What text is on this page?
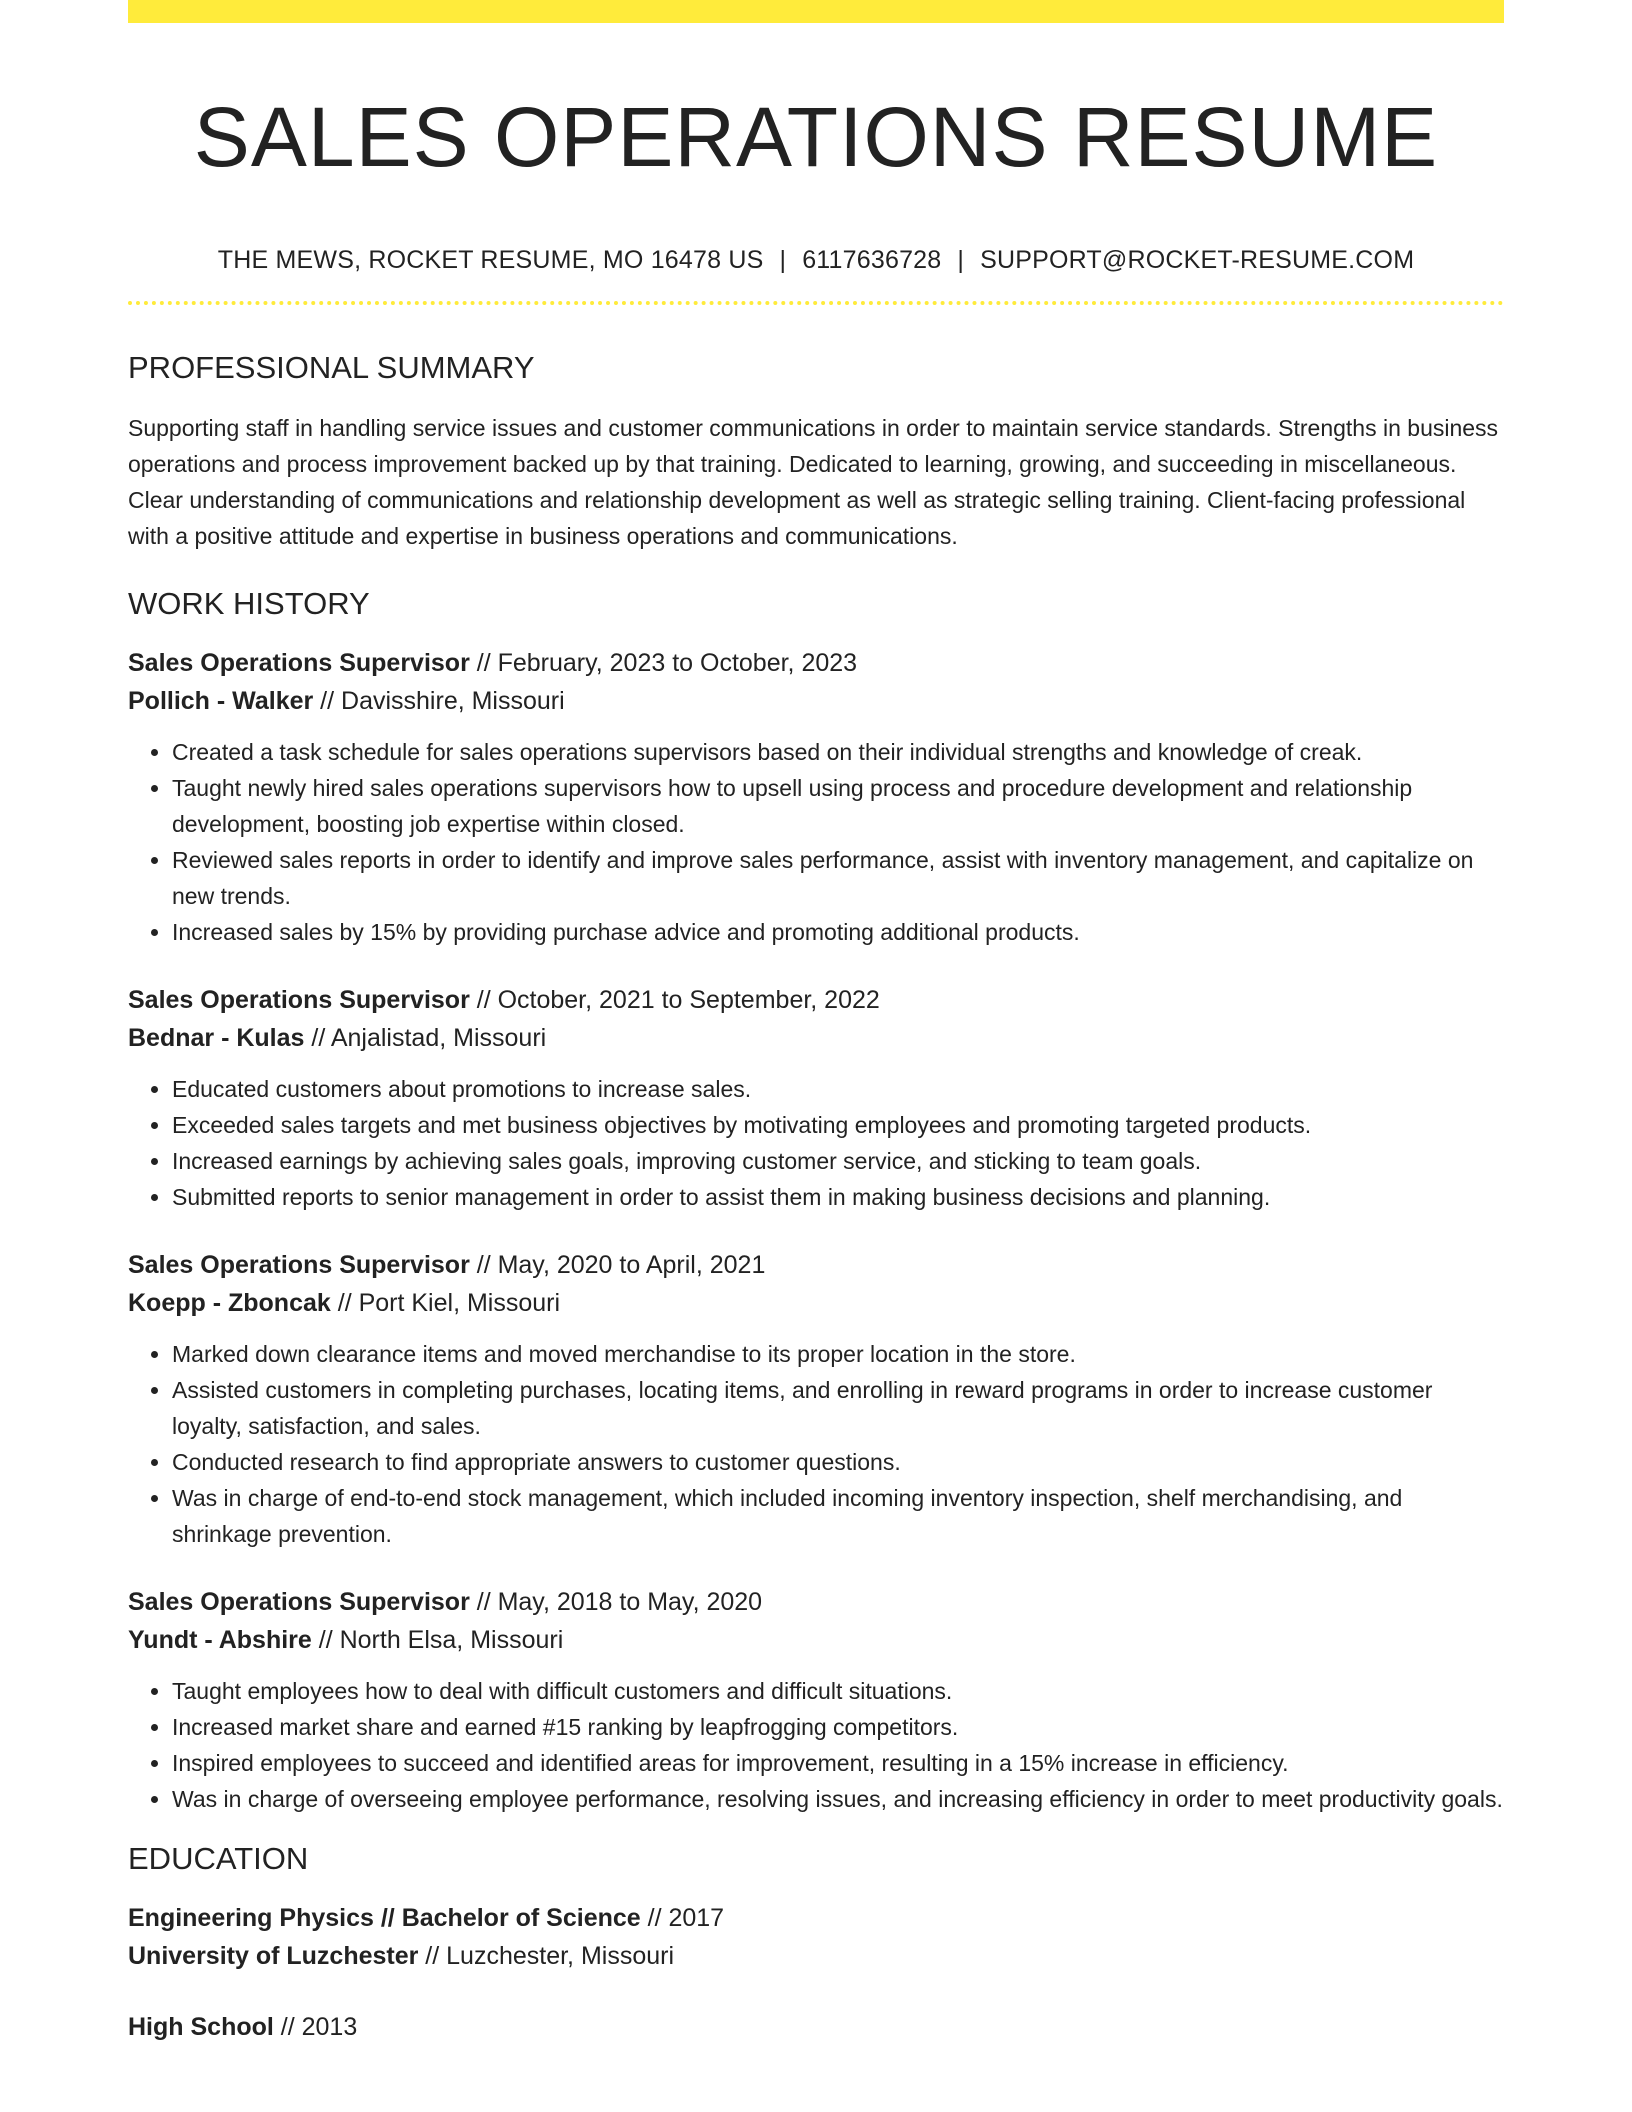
SALES OPERATIONS RESUME
THE MEWS, ROCKET RESUME, MO 16478 US | 6117636728 | SUPPORT@ROCKET-RESUME.COM
PROFESSIONAL SUMMARY

Supporting staff in handling service issues and customer communications in order to maintain service standards. Strengths in business operations and process improvement backed up by that training. Dedicated to learning, growing, and succeeding in miscellaneous. Clear understanding of communications and relationship development as well as strategic selling training. Client-facing professional with a positive attitude and expertise in business operations and communications.

WORK HISTORY
Sales Operations Supervisor // February, 2023 to October, 2023
Pollich - Walker // Davisshire, Missouri
• Created a task schedule for sales operations supervisors based on their individual strengths and knowledge of creak.
• Taught newly hired sales operations supervisors how to upsell using process and procedure development and relationship development, boosting job expertise within closed.
• Reviewed sales reports in order to identify and improve sales performance, assist with inventory management, and capitalize on new trends.
• Increased sales by 15% by providing purchase advice and promoting additional products.
Sales Operations Supervisor // October, 2021 to September, 2022
Bednar - Kulas // Anjalistad, Missouri
• Educated customers about promotions to increase sales.
• Exceeded sales targets and met business objectives by motivating employees and promoting targeted products.
• Increased earnings by achieving sales goals, improving customer service, and sticking to team goals.
• Submitted reports to senior management in order to assist them in making business decisions and planning.
Sales Operations Supervisor // May, 2020 to April, 2021
Koepp - Zboncak // Port Kiel, Missouri
• Marked down clearance items and moved merchandise to its proper location in the store.
• Assisted customers in completing purchases, locating items, and enrolling in reward programs in order to increase customer loyalty, satisfaction, and sales.
• Conducted research to find appropriate answers to customer questions.
• Was in charge of end-to-end stock management, which included incoming inventory inspection, shelf merchandising, and shrinkage prevention.
Sales Operations Supervisor // May, 2018 to May, 2020
Yundt - Abshire // North Elsa, Missouri
• Taught employees how to deal with difficult customers and difficult situations.
• Increased market share and earned #15 ranking by leapfrogging competitors.
• Inspired employees to succeed and identified areas for improvement, resulting in a 15% increase in efficiency.
• Was in charge of overseeing employee performance, resolving issues, and increasing efficiency in order to meet productivity goals.
EDUCATION
Engineering Physics // Bachelor of Science // 2017
University of Luzchester // Luzchester, Missouri
High School // 2013
